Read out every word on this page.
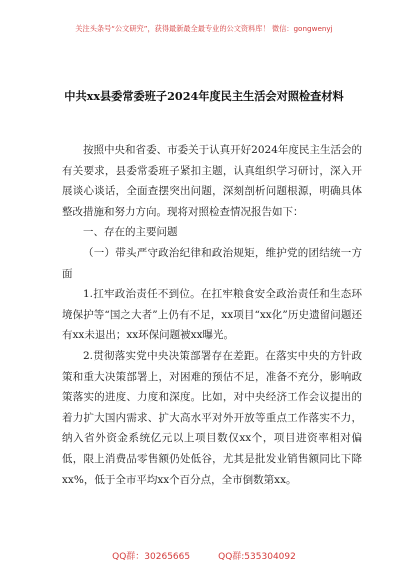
关注头条号“公文研究”，获得最新最全最专业的公文资料库！ 微信：gongwenyj
中共xx县委常委班子2024年度民主生活会对照检查材料

按照中央和省委、市委关于认真开好2024年度民主生活会的有关要求，县委常委班子紧扣主题，认真组织学习研讨，深入开展谈心谈话，全面查摆突出问题，深刻剖析问题根源，明确具体整改措施和努力方向。现将对照检查情况报告如下：

一、存在的主要问题

（一）带头严守政治纪律和政治规矩，维护党的团结统一方面

1.扛牢政治责任不到位。在扛牢粮食安全政治责任和生态环境保护等“国之大者”上仍有不足，xx项目“xx化”历史遗留问题还有xx未退出；xx环保问题被xx曝光。

2.贯彻落实党中央决策部署存在差距。在落实中央的方针政策和重大决策部署上，对困难的预估不足，准备不充分，影响政策落实的进度、力度和深度。比如，对中央经济工作会议提出的着力扩大国内需求、扩大高水平对外开放等重点工作落实不力，纳入省外资金系统亿元以上项目数仅xx个，项目进资率相对偏低，限上消费品零售额仍处低谷，尤其是批发业销售额同比下降xx%，低于全市平均xx个百分点，全市倒数第xx。

QQ群：30265665	QQ群:535304092
